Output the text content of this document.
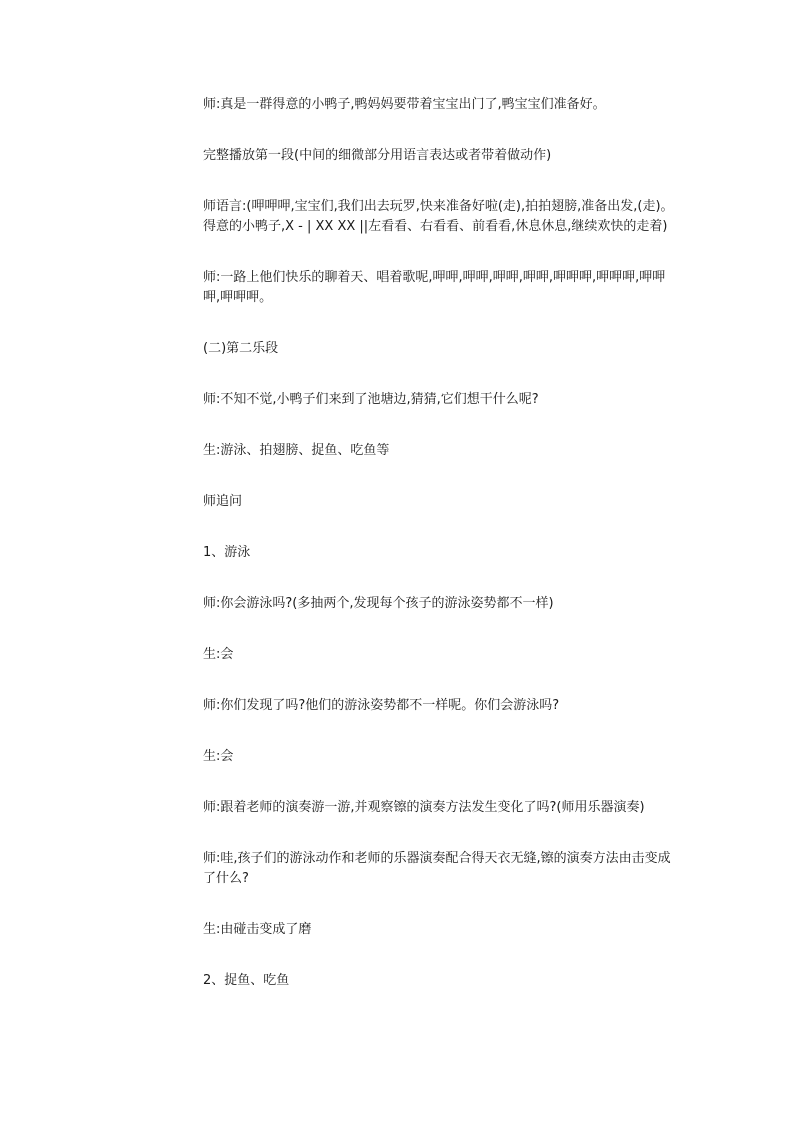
师:真是一群得意的小鸭子,鸭妈妈要带着宝宝出门了,鸭宝宝们准备好。

完整播放第一段(中间的细微部分用语言表达或者带着做动作)

师语言:(呷呷呷,宝宝们,我们出去玩罗,快来准备好啦(走),拍拍翅膀,准备出发,(走)。得意的小鸭子,X - | XX XX ||左看看、右看看、前看看,休息休息,继续欢快的走着)

师:一路上他们快乐的聊着天、唱着歌呢,呷呷,呷呷,呷呷,呷呷,呷呷呷,呷呷呷,呷呷呷,呷呷呷。

(二)第二乐段

师:不知不觉,小鸭子们来到了池塘边,猜猜,它们想干什么呢?

生:游泳、拍翅膀、捉鱼、吃鱼等

师追问

1、游泳

师:你会游泳吗?(多抽两个,发现每个孩子的游泳姿势都不一样)

生:会

师:你们发现了吗?他们的游泳姿势都不一样呢。你们会游泳吗?

生:会

师:跟着老师的演奏游一游,并观察镲的演奏方法发生变化了吗?(师用乐器演奏)

师:哇,孩子们的游泳动作和老师的乐器演奏配合得天衣无缝,镲的演奏方法由击变成了什么?

生:由碰击变成了磨

2、捉鱼、吃鱼
